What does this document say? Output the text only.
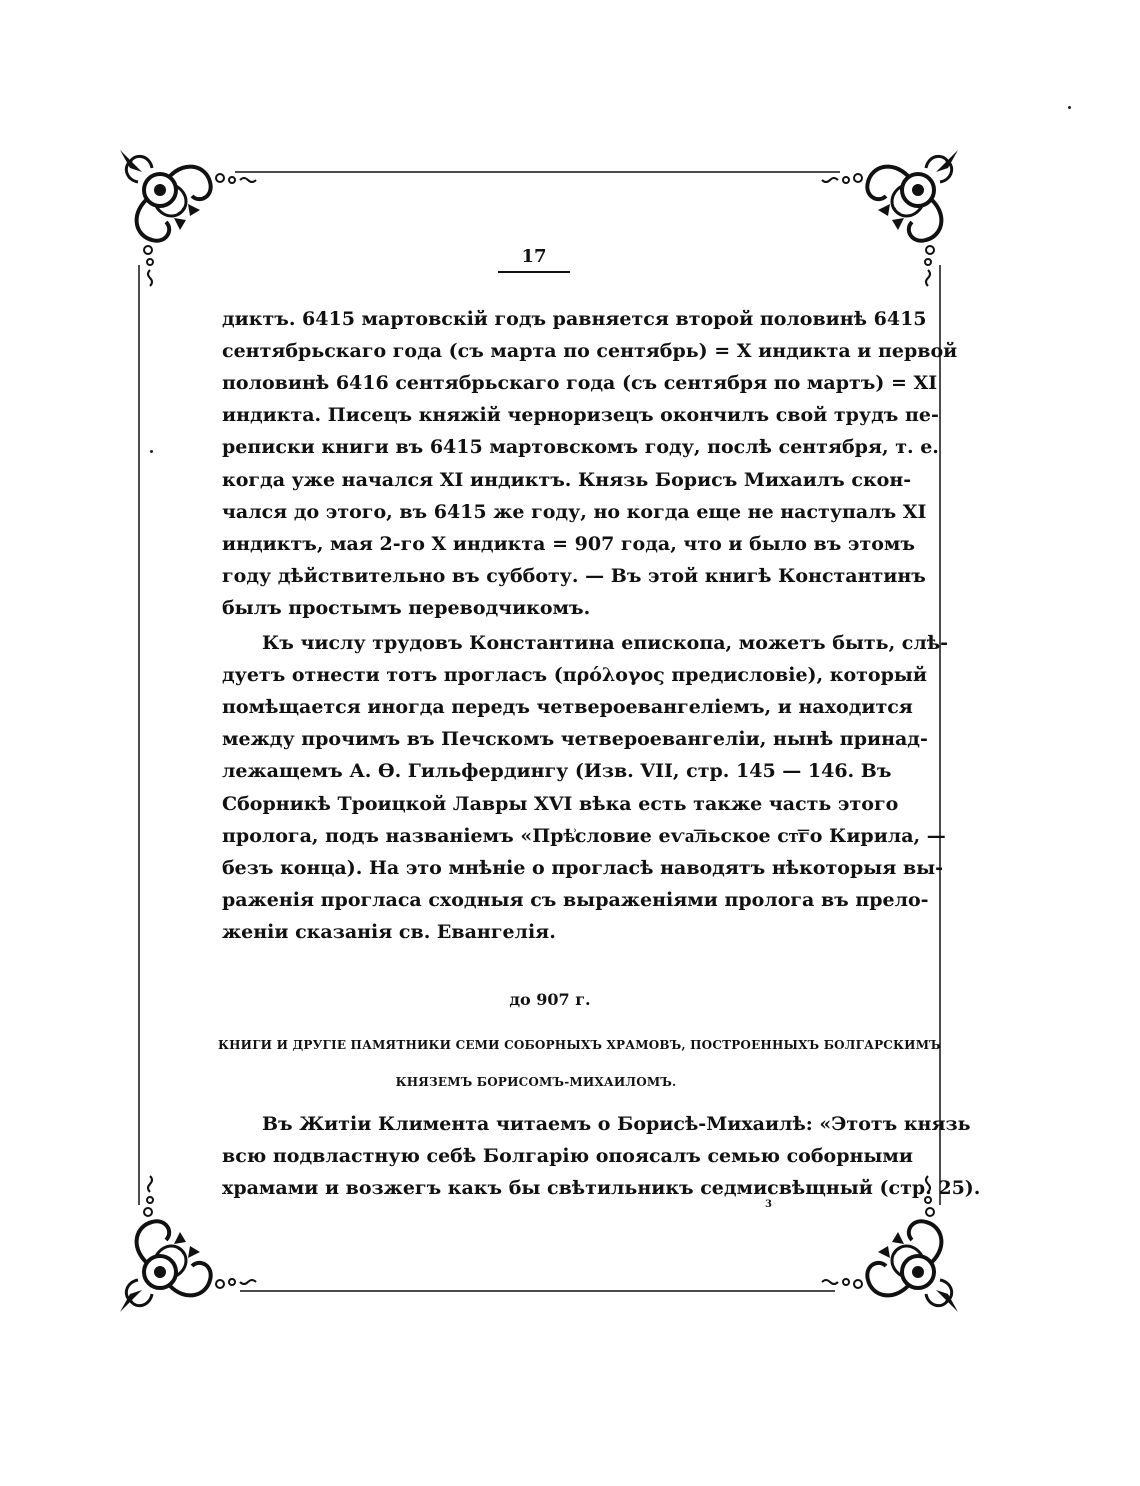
17
диктъ. 6415 мартовскій годъ равняется второй половинѣ 6415
сентябрьскаго года (съ марта по сентябрь) = X индикта и первой
половинѣ 6416 сентябрьскаго года (съ сентября по мартъ) = XI
индикта. Писецъ княжій черноризецъ окончилъ свой трудъ пе-
реписки книги въ 6415 мартовскомъ году, послѣ сентября, т. е.
когда уже начался XI индиктъ. Князь Борисъ Михаилъ скон-
чался до этого, въ 6415 же году, но когда еще не наступалъ XI
индиктъ, мая 2-го X индикта = 907 года, что и было въ этомъ
году дѣйствительно въ субботу. — Въ этой книгѣ Константинъ
былъ простымъ переводчикомъ.
Къ числу трудовъ Константина епископа, можетъ быть, слѣ-
дуетъ отнести тотъ прогласъ (πρόλογος предисловіе), который
помѣщается иногда передъ четвероевангеліемъ, и находится
между прочимъ въ Печскомъ четвероевангеліи, нынѣ принад-
лежащемъ А. Ѳ. Гильфердингу (Изв. VII, стр. 145 — 146. Въ
Сборникѣ Троицкой Лавры XVI вѣка есть также часть этого
пролога, подъ названіемъ «Прѣ͗словие еѵа͞льское ст͞го Кирила, —
безъ конца). На это мнѣніе о прогласѣ наводятъ нѣкоторыя вы-
раженія прогласа сходныя съ выраженіями пролога въ прело-
женіи сказанія св. Евангелія.
до 907 г.
КНИГИ И ДРУГІЕ ПАМЯТНИКИ СЕМИ СОБОРНЫХЪ ХРАМОВЪ, ПОСТРОЕННЫХЪ БОЛГАРСКИМЪ
КНЯЗЕМЪ БОРИСОМЪ-МИХАИЛОМЪ.
Въ Житіи Климента читаемъ о Борисѣ-Михаилѣ: «Этотъ князь
всю подвластную себѣ Болгарію опоясалъ семью соборными
храмами и возжегъ какъ бы свѣтильникъ седмисвѣщный (стр. 25).
3
